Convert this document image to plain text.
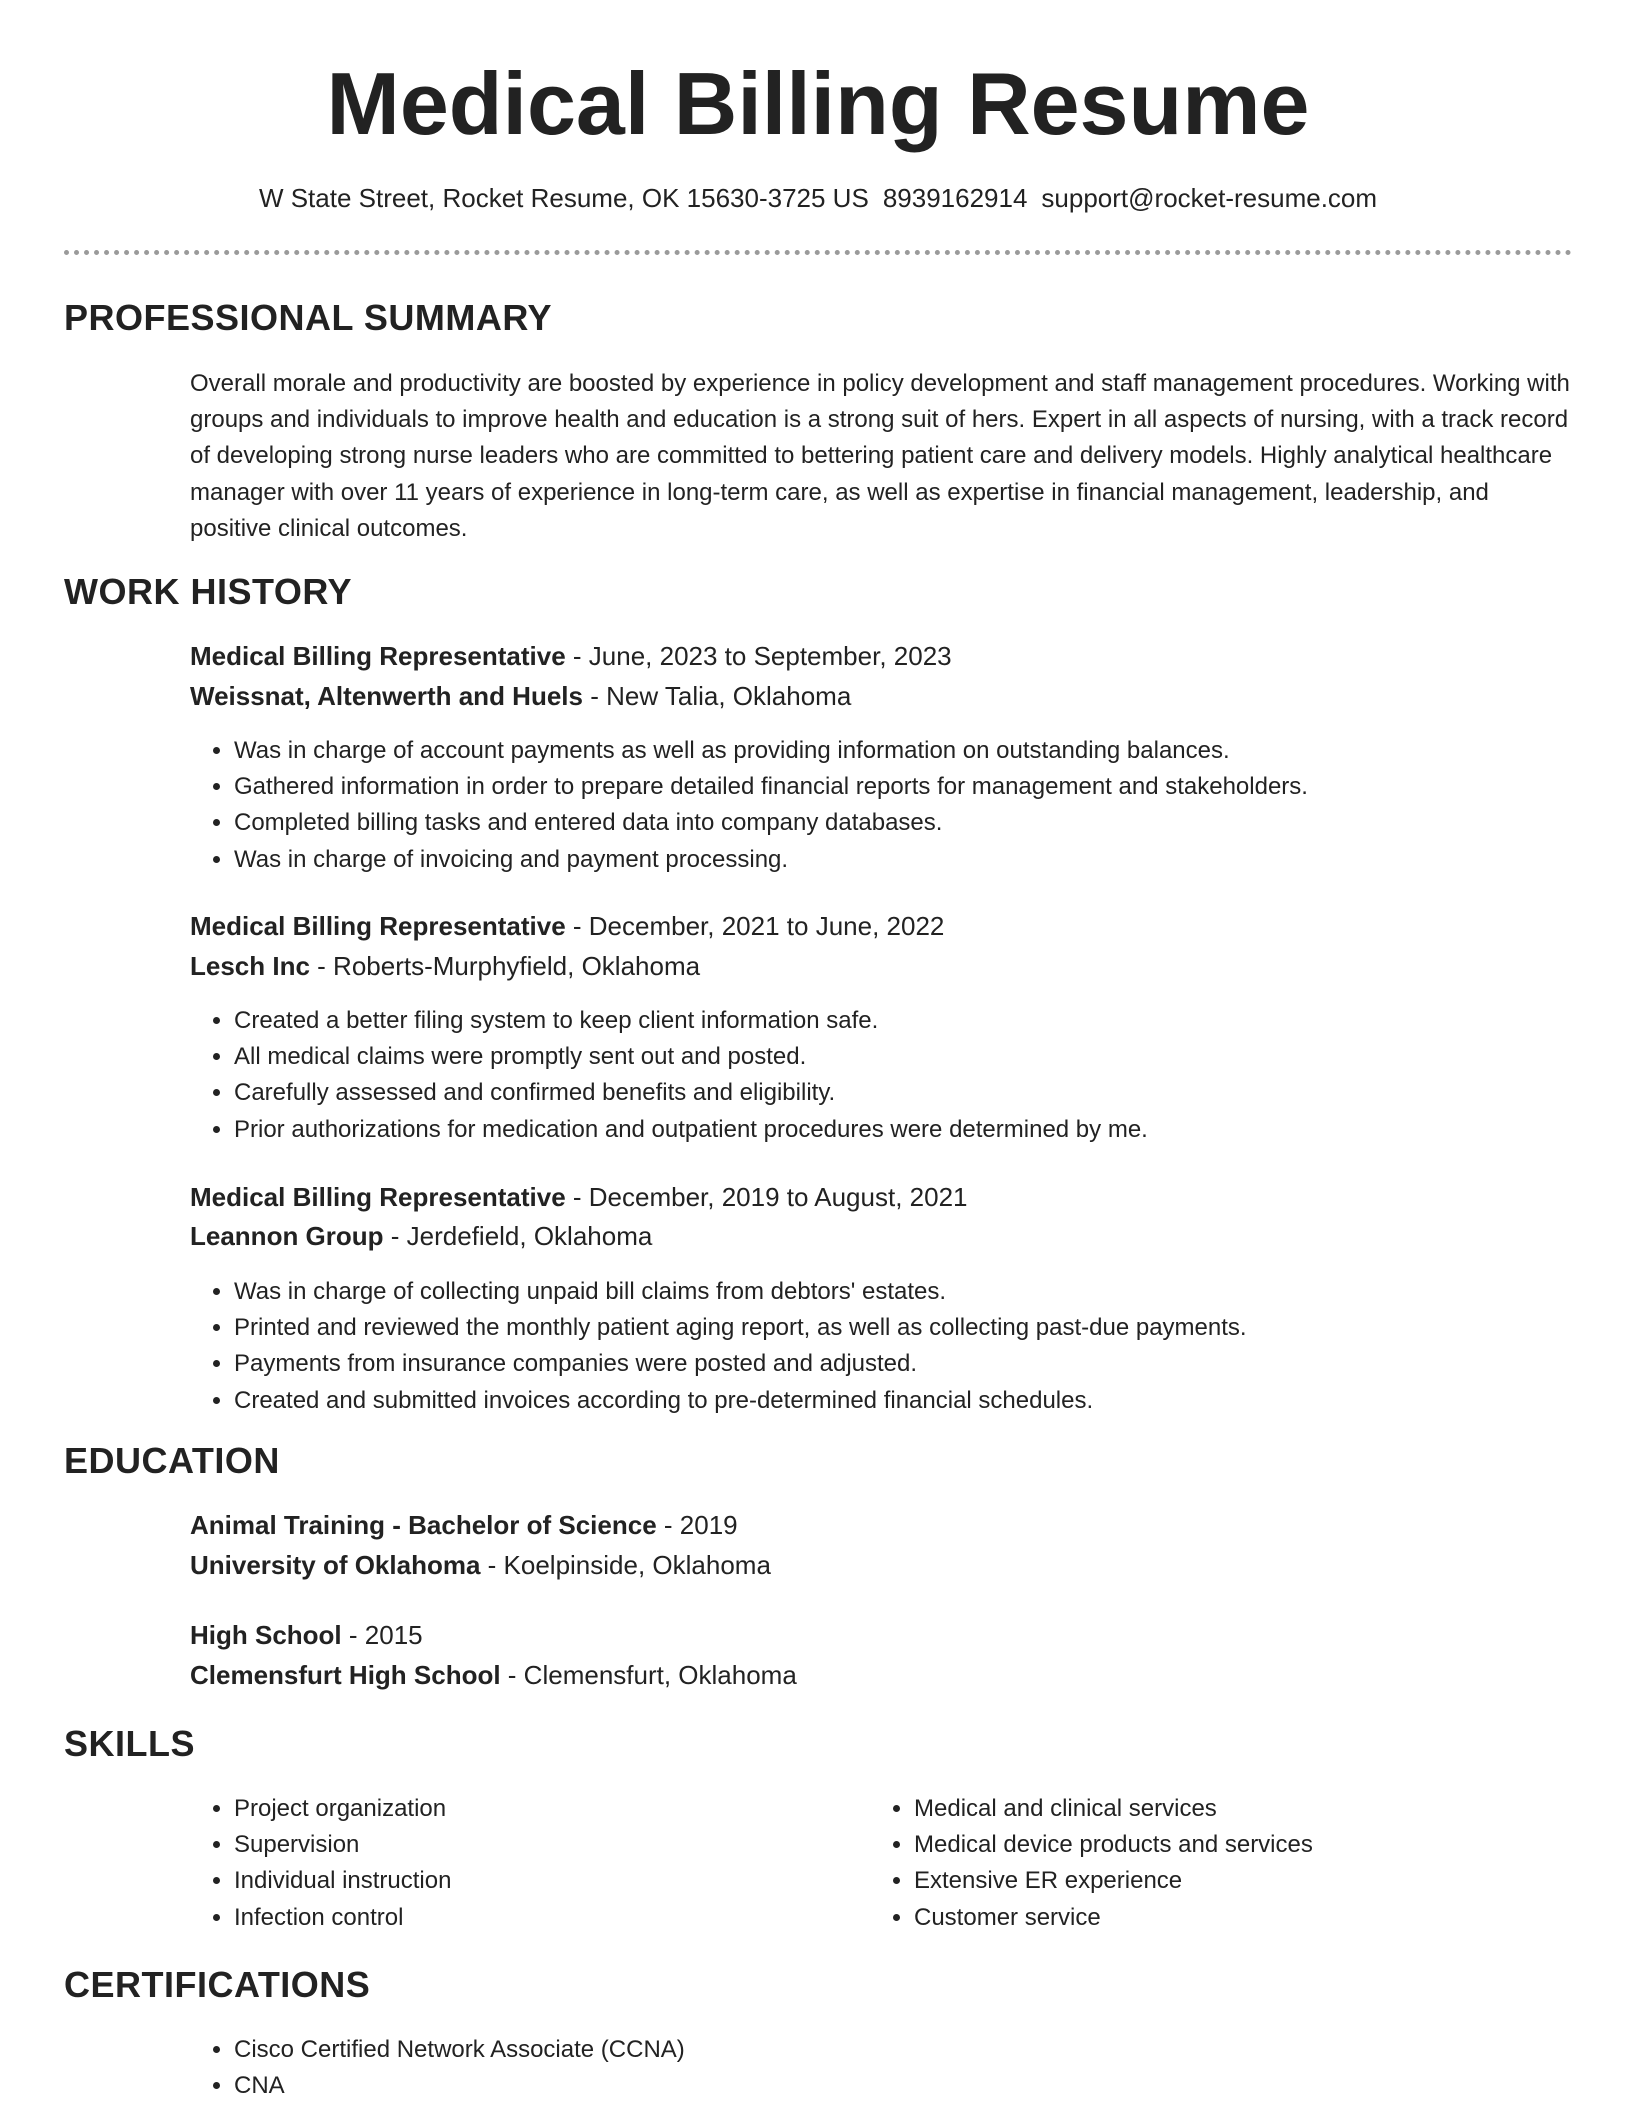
Medical Billing Resume
W State Street, Rocket Resume, OK 15630-3725 US 8939162914 support@rocket-resume.com
PROFESSIONAL SUMMARY

Overall morale and productivity are boosted by experience in policy development and staff management procedures. Working with groups and individuals to improve health and education is a strong suit of hers. Expert in all aspects of nursing, with a track record of developing strong nurse leaders who are committed to bettering patient care and delivery models. Highly analytical healthcare manager with over 11 years of experience in long-term care, as well as expertise in financial management, leadership, and positive clinical outcomes.

WORK HISTORY
Medical Billing Representative - June, 2023 to September, 2023
Weissnat, Altenwerth and Huels - New Talia, Oklahoma
• Was in charge of account payments as well as providing information on outstanding balances.
• Gathered information in order to prepare detailed financial reports for management and stakeholders.
• Completed billing tasks and entered data into company databases.
• Was in charge of invoicing and payment processing.
Medical Billing Representative - December, 2021 to June, 2022
Lesch Inc - Roberts-Murphyfield, Oklahoma
• Created a better filing system to keep client information safe.
• All medical claims were promptly sent out and posted.
• Carefully assessed and confirmed benefits and eligibility.
• Prior authorizations for medication and outpatient procedures were determined by me.
Medical Billing Representative - December, 2019 to August, 2021
Leannon Group - Jerdefield, Oklahoma
• Was in charge of collecting unpaid bill claims from debtors' estates.
• Printed and reviewed the monthly patient aging report, as well as collecting past-due payments.
• Payments from insurance companies were posted and adjusted.
• Created and submitted invoices according to pre-determined financial schedules.
EDUCATION
Animal Training - Bachelor of Science - 2019
University of Oklahoma - Koelpinside, Oklahoma
High School - 2015
Clemensfurt High School - Clemensfurt, Oklahoma
SKILLS
• Project organization
• Supervision
• Individual instruction
• Infection control
• Medical and clinical services
• Medical device products and services
• Extensive ER experience
• Customer service
CERTIFICATIONS
• Cisco Certified Network Associate (CCNA)
• CNA
